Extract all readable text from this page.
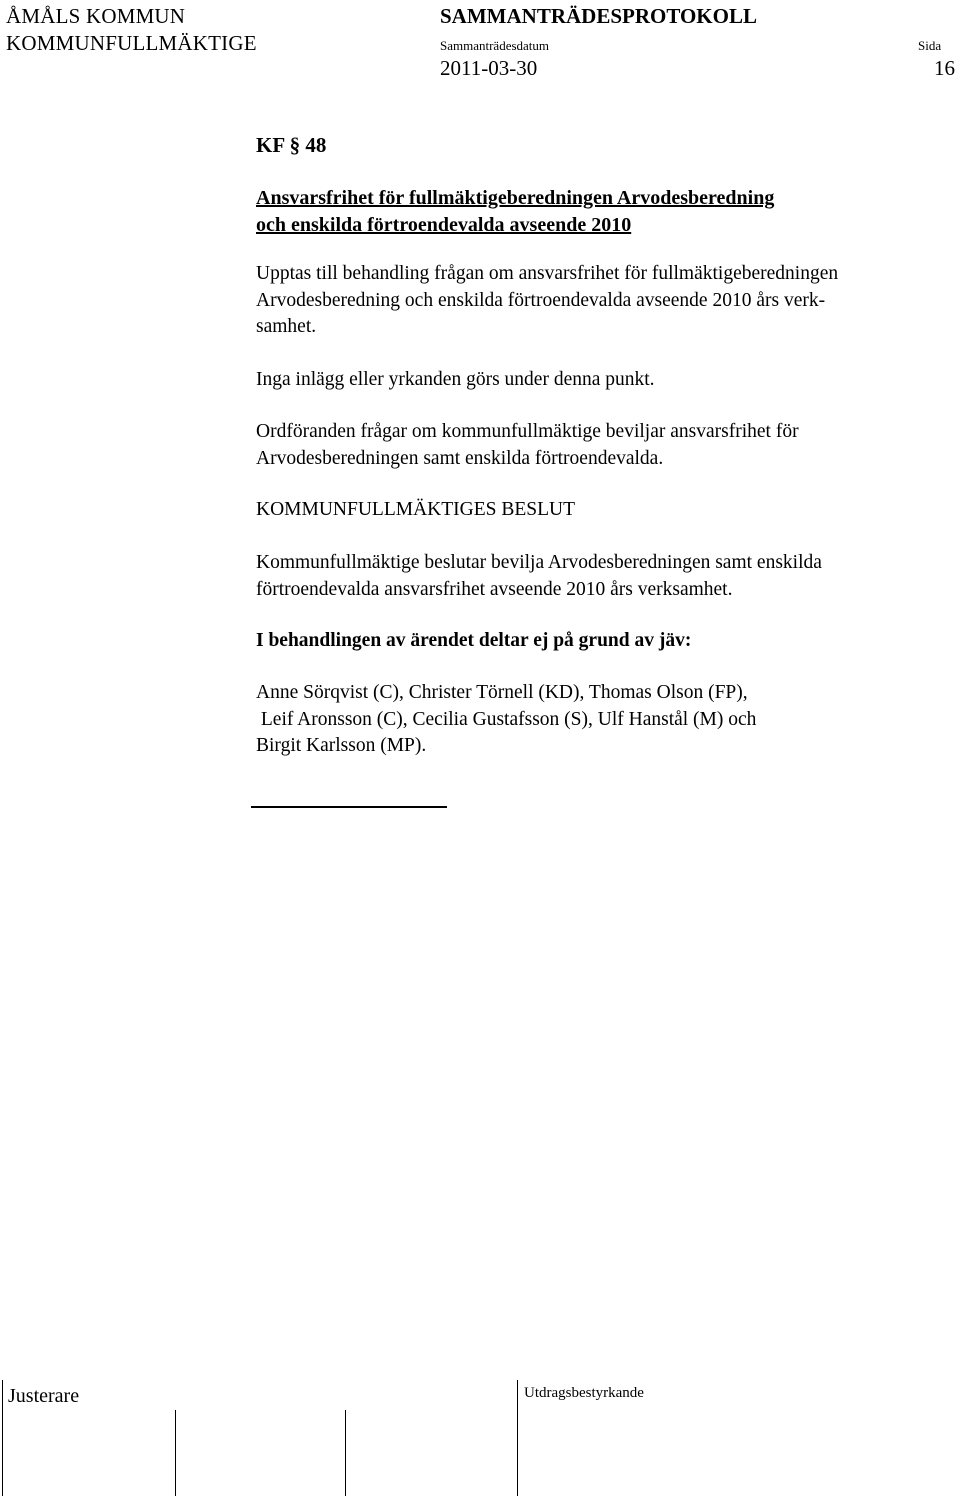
ÅMÅLS KOMMUN
KOMMUNFULLMÄKTIGE
SAMMANTRÄDESPROTOKOLL
Sammanträdesdatum	Sida
2011-03-30	16
KF § 48
Ansvarsfrihet för fullmäktigeberedningen Arvodesberedning
och enskilda förtroendevalda avseende 2010
Upptas till behandling frågan om ansvarsfrihet för fullmäktigeberedningen
Arvodesberedning och enskilda förtroendevalda avseende 2010 års verk-
samhet.
Inga inlägg eller yrkanden görs under denna punkt.
Ordföranden frågar om kommunfullmäktige beviljar ansvarsfrihet för
Arvodesberedningen samt enskilda förtroendevalda.
KOMMUNFULLMÄKTIGES BESLUT
Kommunfullmäktige beslutar bevilja Arvodesberedningen samt enskilda
förtroendevalda ansvarsfrihet avseende 2010 års verksamhet.
I behandlingen av ärendet deltar ej på grund av jäv:
Anne Sörqvist (C), Christer Törnell (KD), Thomas Olson (FP),
Leif Aronsson (C), Cecilia Gustafsson (S), Ulf Hanstål (M) och
Birgit Karlsson (MP).
Justerare	Utdragsbestyrkande
